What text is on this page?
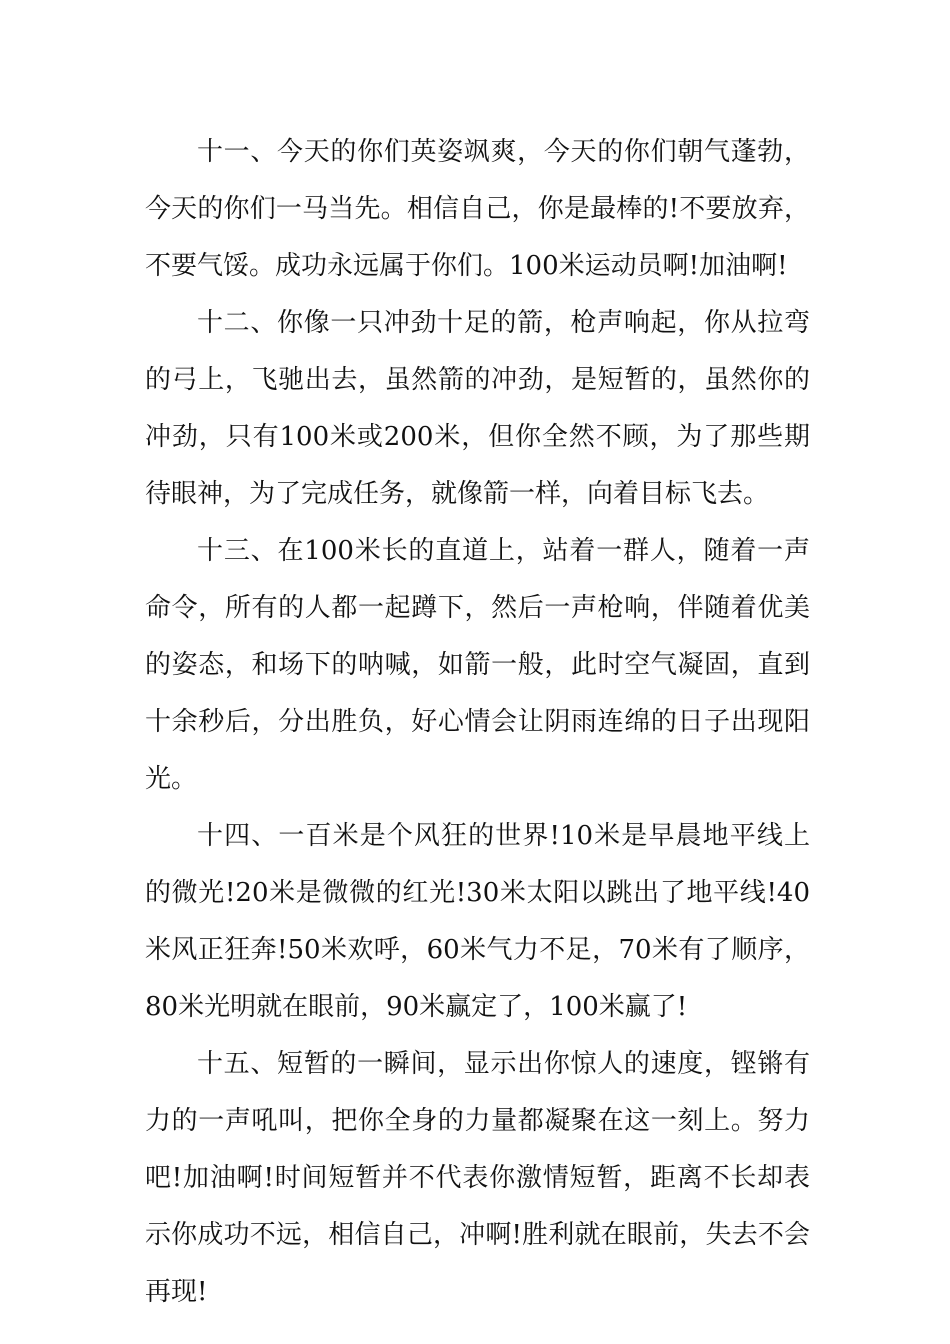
十一、今天的你们英姿飒爽，今天的你们朝气蓬勃，今天的你们一马当先。相信自己，你是最棒的!不要放弃，不要气馁。成功永远属于你们。100米运动员啊!加油啊!

十二、你像一只冲劲十足的箭，枪声响起，你从拉弯的弓上，飞驰出去，虽然箭的冲劲，是短暂的，虽然你的冲劲，只有100米或200米，但你全然不顾，为了那些期待眼神，为了完成任务，就像箭一样，向着目标飞去。

十三、在100米长的直道上，站着一群人，随着一声命令，所有的人都一起蹲下，然后一声枪响，伴随着优美的姿态，和场下的呐喊，如箭一般，此时空气凝固，直到十余秒后，分出胜负，好心情会让阴雨连绵的日子出现阳光。

十四、一百米是个风狂的世界!10米是早晨地平线上的微光!20米是微微的红光!30米太阳以跳出了地平线!40米风正狂奔!50米欢呼，60米气力不足，70米有了顺序，80米光明就在眼前，90米赢定了，100米赢了!

十五、短暂的一瞬间，显示出你惊人的速度，铿锵有力的一声吼叫，把你全身的力量都凝聚在这一刻上。努力吧!加油啊!时间短暂并不代表你激情短暂，距离不长却表示你成功不远，相信自己，冲啊!胜利就在眼前，失去不会再现!
